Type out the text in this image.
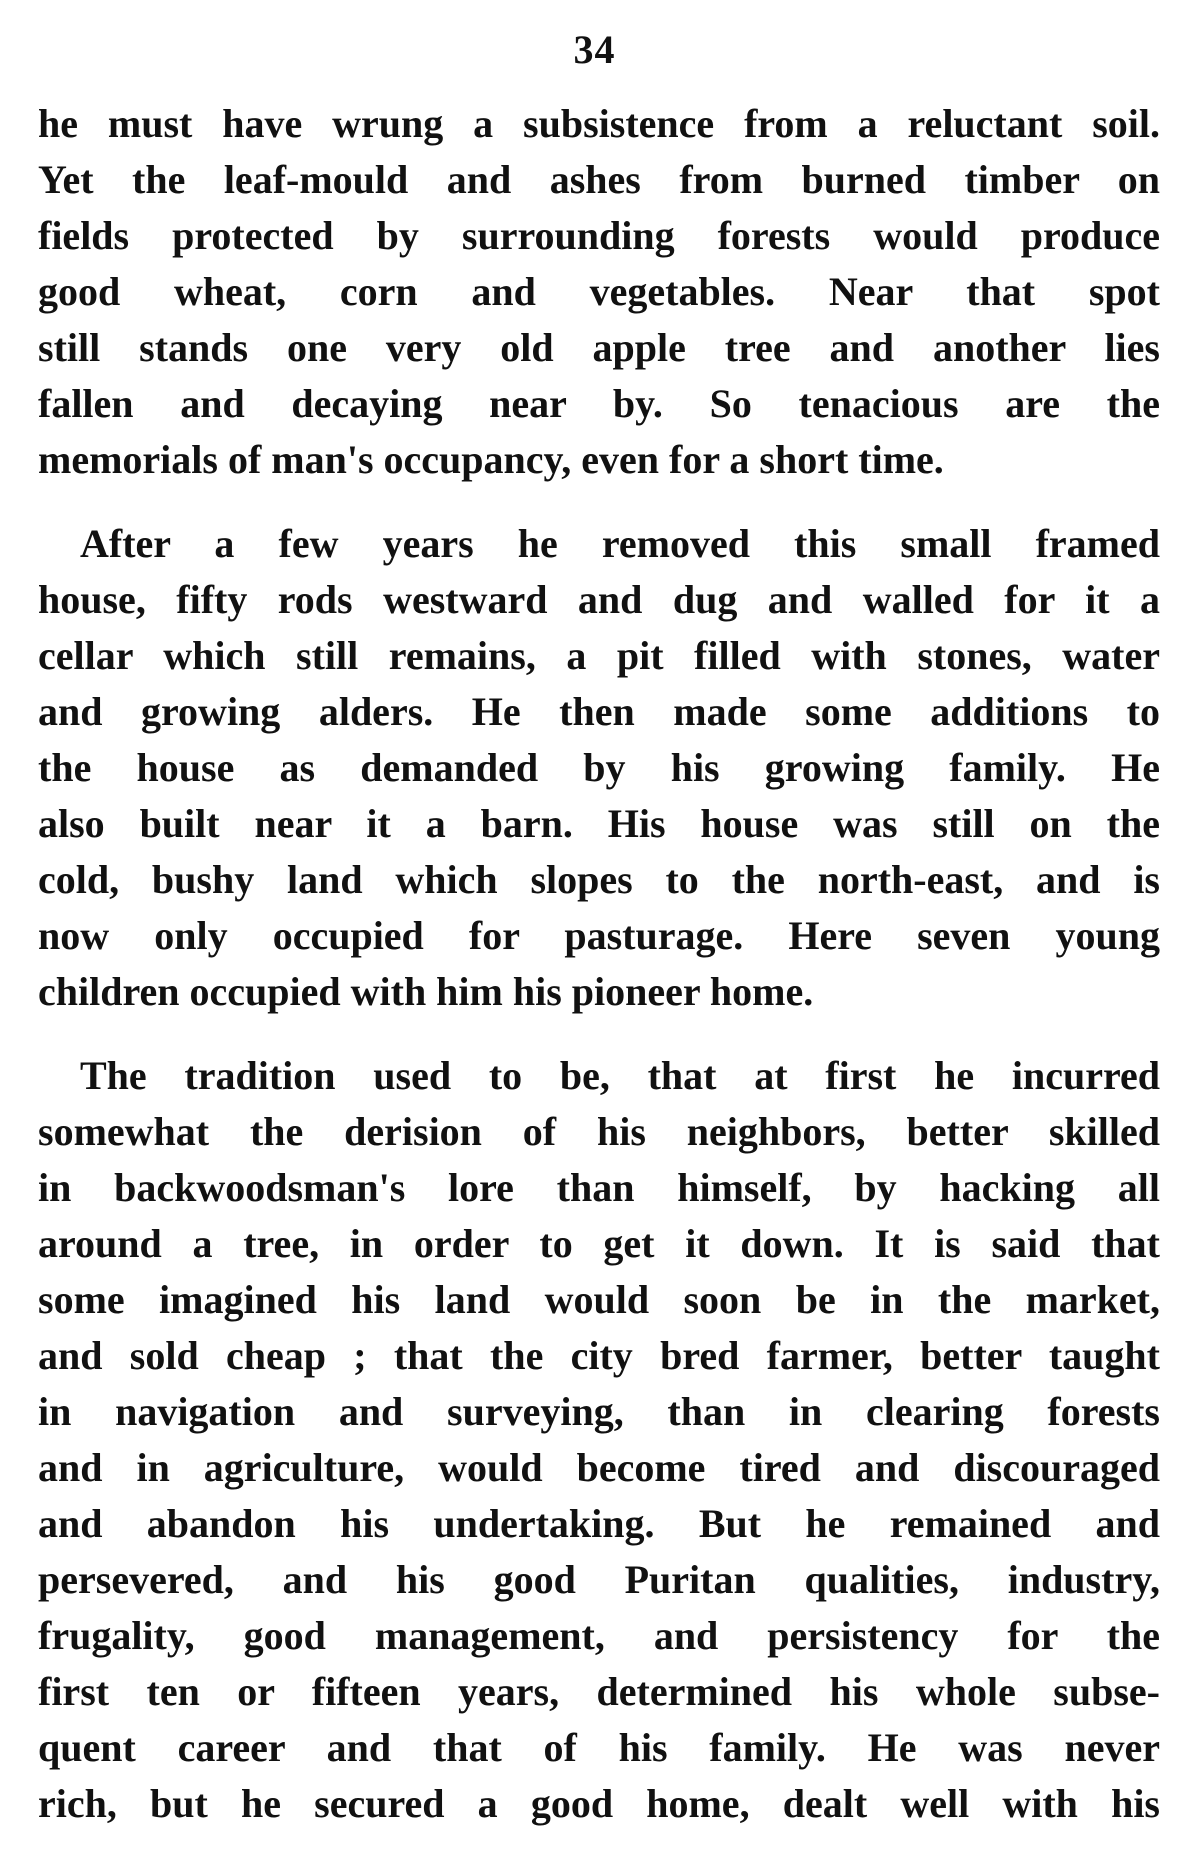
34
he must have wrung a subsistence from a reluctant soil.
Yet the leaf-mould and ashes from burned timber on
fields protected by surrounding forests would produce
good wheat, corn and vegetables. Near that spot
still stands one very old apple tree and another lies
fallen and decaying near by. So tenacious are the
memorials of man's occupancy, even for a short time.
After a few years he removed this small framed
house, fifty rods westward and dug and walled for it a
cellar which still remains, a pit filled with stones, water
and growing alders. He then made some additions to
the house as demanded by his growing family. He
also built near it a barn. His house was still on the
cold, bushy land which slopes to the north-east, and is
now only occupied for pasturage. Here seven young
children occupied with him his pioneer home.
The tradition used to be, that at first he incurred
somewhat the derision of his neighbors, better skilled
in backwoodsman's lore than himself, by hacking all
around a tree, in order to get it down. It is said that
some imagined his land would soon be in the market,
and sold cheap ; that the city bred farmer, better taught
in navigation and surveying, than in clearing forests
and in agriculture, would become tired and discouraged
and abandon his undertaking. But he remained and
persevered, and his good Puritan qualities, industry,
frugality, good management, and persistency for the
first ten or fifteen years, determined his whole subse-
quent career and that of his family. He was never
rich, but he secured a good home, dealt well with his
